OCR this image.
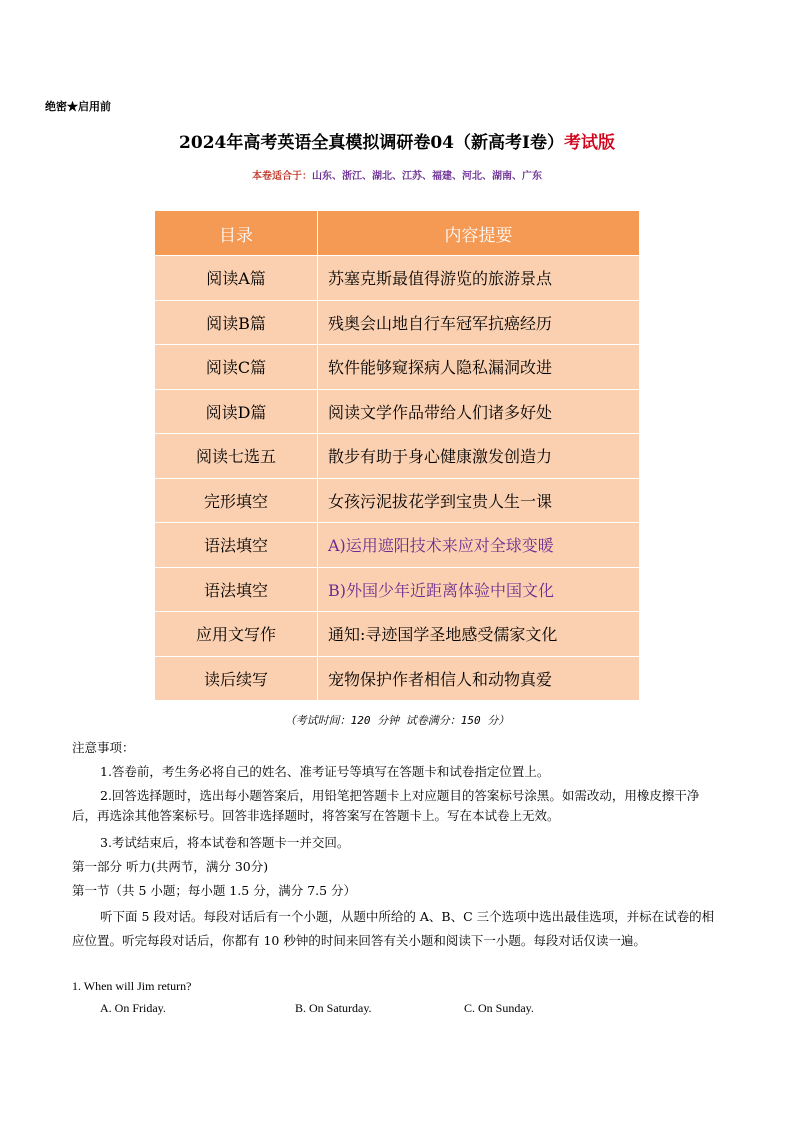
绝密★启用前
2024年高考英语全真模拟调研卷04（新高考I卷）考试版
本卷适合于：山东、浙江、湖北、江苏、福建、河北、湖南、广东
目录	内容提要
阅读A篇	苏塞克斯最值得游览的旅游景点
阅读B篇	残奥会山地自行车冠军抗癌经历
阅读C篇	软件能够窥探病人隐私漏洞改进
阅读D篇	阅读文学作品带给人们诸多好处
阅读七选五	散步有助于身心健康激发创造力
完形填空	女孩污泥拔花学到宝贵人生一课
语法填空	A)运用遮阳技术来应对全球变暖
语法填空	B)外国少年近距离体验中国文化
应用文写作	通知:寻迹国学圣地感受儒家文化
读后续写	宠物保护作者相信人和动物真爱
（考试时间：120 分钟 试卷满分：150 分）
注意事项：
1.答卷前，考生务必将自己的姓名、准考证号等填写在答题卡和试卷指定位置上。
2.回答选择题时，选出每小题答案后，用铅笔把答题卡上对应题目的答案标号涂黑。如需改动，用橡皮擦干净后，再选涂其他答案标号。回答非选择题时，将答案写在答题卡上。写在本试卷上无效。
3.考试结束后，将本试卷和答题卡一并交回。
第一部分 听力(共两节，满分 30分)
第一节（共 5 小题；每小题 1.5 分，满分 7.5 分）
听下面 5 段对话。每段对话后有一个小题，从题中所给的 A、B、C 三个选项中选出最佳选项，并标在试卷的相应位置。听完每段对话后，你都有 10 秒钟的时间来回答有关小题和阅读下一小题。每段对话仅读一遍。
1. When will Jim return?
A. On Friday.	B. On Saturday.	C. On Sunday.
